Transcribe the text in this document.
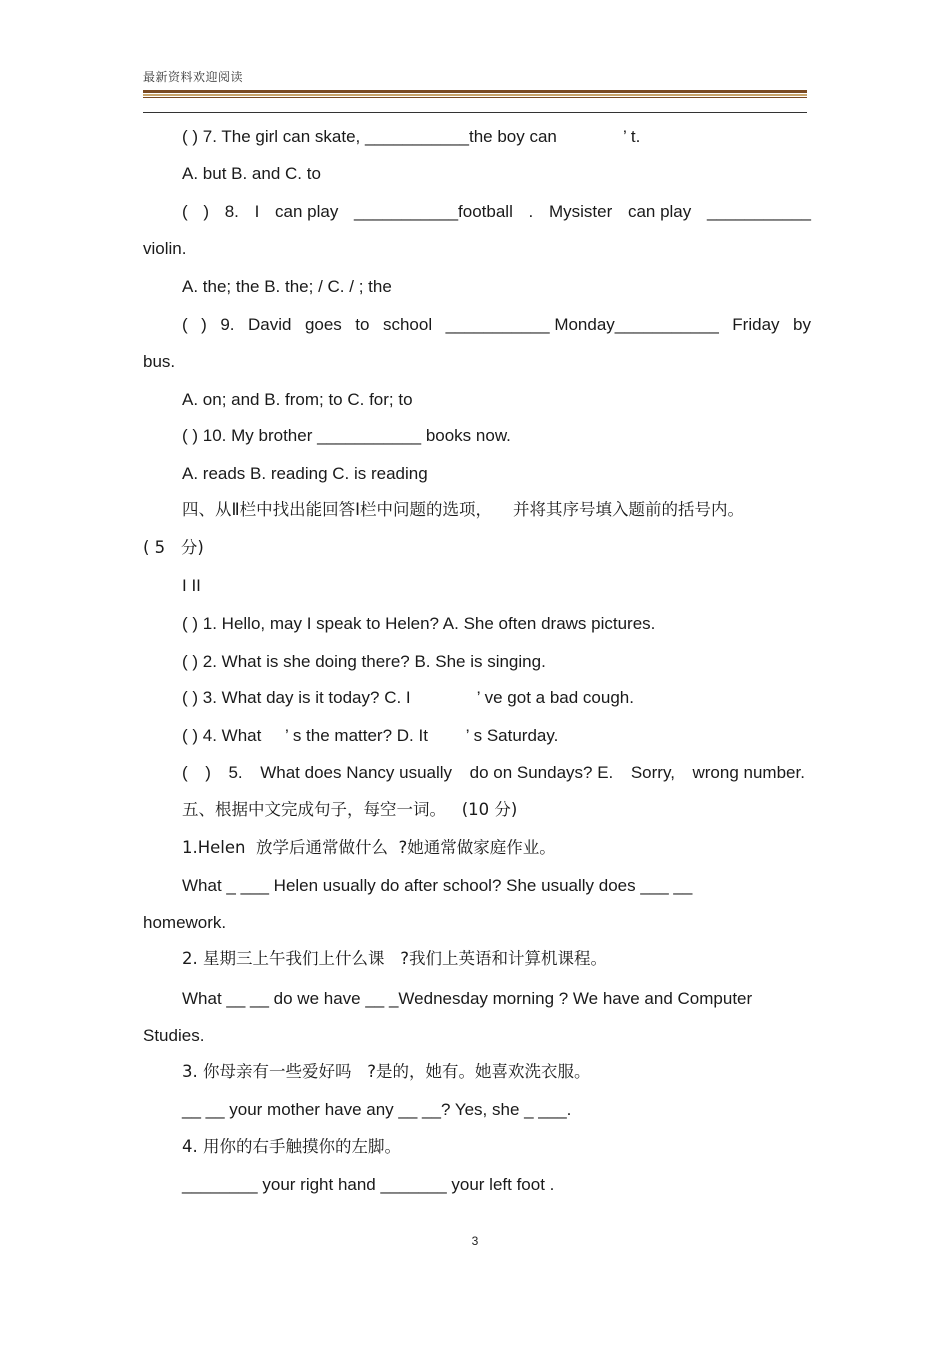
最新资料欢迎阅读
( ) 7. The girl can skate, ___________the boy can              ’ t.
A. but B. and C. to
( ) 8. I can play ___________football . Mysister can play ___________
violin.
A. the; the B. the; / C. / ; the
( ) 9. David goes to school ___________ Monday___________ Friday by
bus.
A. on; and B. from; to C. for; to
( ) 10. My brother ___________ books now.
A. reads B. reading C. is reading
四、从Ⅱ栏中找出能回答Ⅰ栏中问题的选项，    并将其序号填入题前的括号内。
( 5   分)
I II
( ) 1. Hello, may I speak to Helen? A. She often draws pictures.
( ) 2. What is she doing there? B. She is singing.
( ) 3. What day is it today? C. I              ’ ve got a bad cough.
( ) 4. What     ’ s the matter? D. It        ’ s Saturday.
( ) 5. What does Nancy usually do on Sundays? E. Sorry, wrong number.
五、根据中文完成句子，每空一词。   (10 分)
1.Helen  放学后通常做什么  ?她通常做家庭作业。
What _ ___ Helen usually do after school? She usually does ___ __
homework.
2. 星期三上午我们上什么课   ?我们上英语和计算机课程。
What __ __ do we have __ _Wednesday morning ? We have and Computer
Studies.
3. 你母亲有一些爱好吗   ?是的，她有。她喜欢洗衣服。
__ __ your mother have any __ __? Yes, she _ ___.
4. 用你的右手触摸你的左脚。
________ your right hand _______ your left foot .
3
